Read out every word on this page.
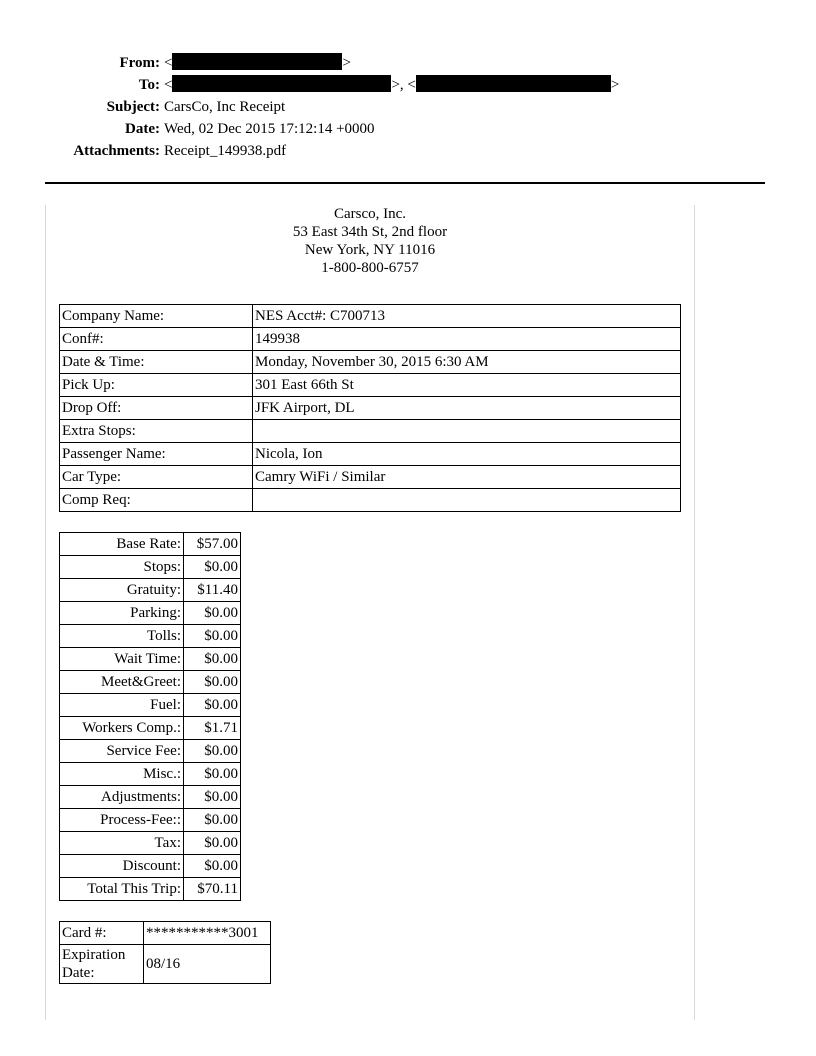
From: <	>
To: <	>, <	>
Subject: CarsCo, Inc Receipt
Date: Wed, 02 Dec 2015 17:12:14 +0000
Attachments: Receipt_149938.pdf
Carsco, Inc.
53 East 34th St, 2nd floor
New York, NY 11016
1-800-800-6757
Company Name:	NES Acct#: C700713
Conf#:	149938
Date & Time:	Monday, November 30, 2015 6:30 AM
Pick Up:	301 East 66th St
Drop Off:	JFK Airport, DL
Extra Stops:	
Passenger Name:	Nicola, Ion
Car Type:	Camry WiFi / Similar
Comp Req:	
Base Rate:	$57.00
Stops:	$0.00
Gratuity:	$11.40
Parking:	$0.00
Tolls:	$0.00
Wait Time:	$0.00
Meet&Greet:	$0.00
Fuel:	$0.00
Workers Comp.:	$1.71
Service Fee:	$0.00
Misc.:	$0.00
Adjustments:	$0.00
Process-Fee::	$0.00
Tax:	$0.00
Discount:	$0.00
Total This Trip:	$70.11
Card #:	***********3001
Expiration Date:	08/16
